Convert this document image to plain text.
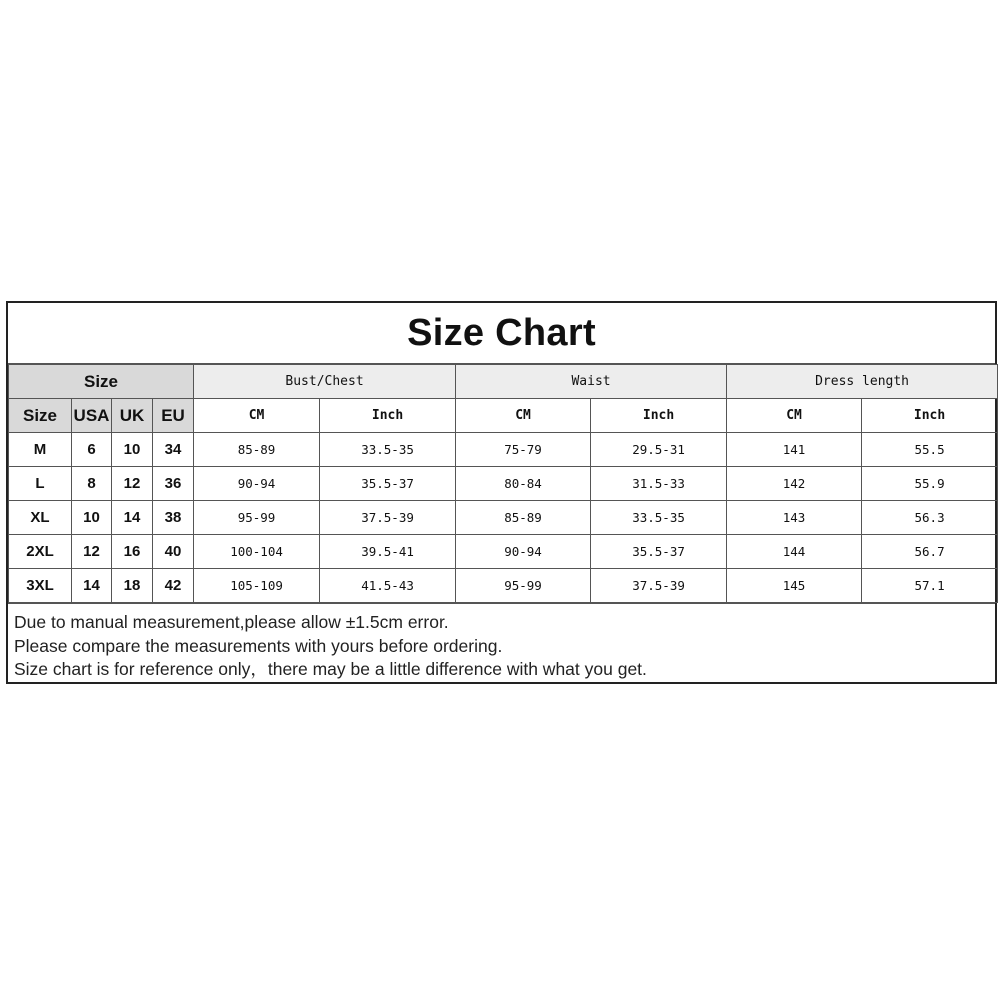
Size Chart
Size				Bust/Chest		Waist		Dress length	
Size	USA	UK	EU	CM	Inch	CM	Inch	CM	Inch
M	6	10	34	85-89	33.5-35	75-79	29.5-31	141	55.5
L	8	12	36	90-94	35.5-37	80-84	31.5-33	142	55.9
XL	10	14	38	95-99	37.5-39	85-89	33.5-35	143	56.3
2XL	12	16	40	100-104	39.5-41	90-94	35.5-37	144	56.7
3XL	14	18	42	105-109	41.5-43	95-99	37.5-39	145	57.1
Due to manual measurement,please allow ±1.5cm error.
Please compare the measurements with yours before ordering.
Size chart is for reference only，there may be a little difference with what you get.
